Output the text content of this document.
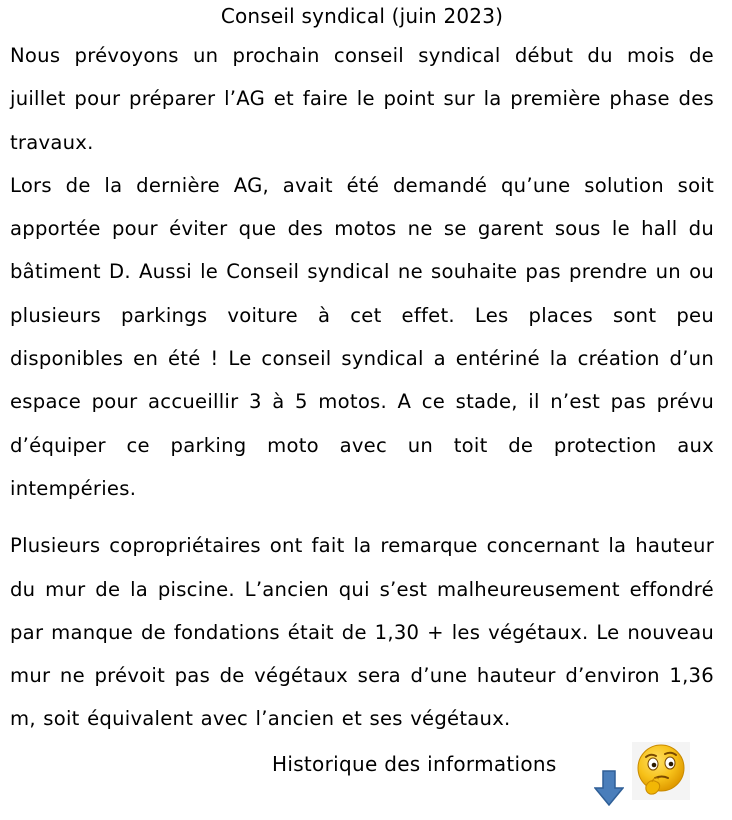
Conseil syndical (juin 2023)

Nous prévoyons un prochain conseil syndical début du mois de juillet pour préparer l’AG et faire le point sur la première phase des travaux.

Lors de la dernière AG, avait été demandé qu’une solution soit apportée pour éviter que des motos ne se garent sous le hall du bâtiment D. Aussi le Conseil syndical ne souhaite pas prendre un ou plusieurs parkings voiture à cet effet. Les places sont peu disponibles en été ! Le conseil syndical a entériné la création d’un espace pour accueillir 3 à 5 motos. A ce stade, il n’est pas prévu d’équiper ce parking moto avec un toit de protection aux intempéries.

Plusieurs copropriétaires ont fait la remarque concernant la hauteur du mur de la piscine. L’ancien qui s’est malheureusement effondré par manque de fondations était de 1,30 + les végétaux. Le nouveau mur ne prévoit pas de végétaux sera d’une hauteur d’environ 1,36 m, soit équivalent avec l’ancien et ses végétaux.

Historique des informations
